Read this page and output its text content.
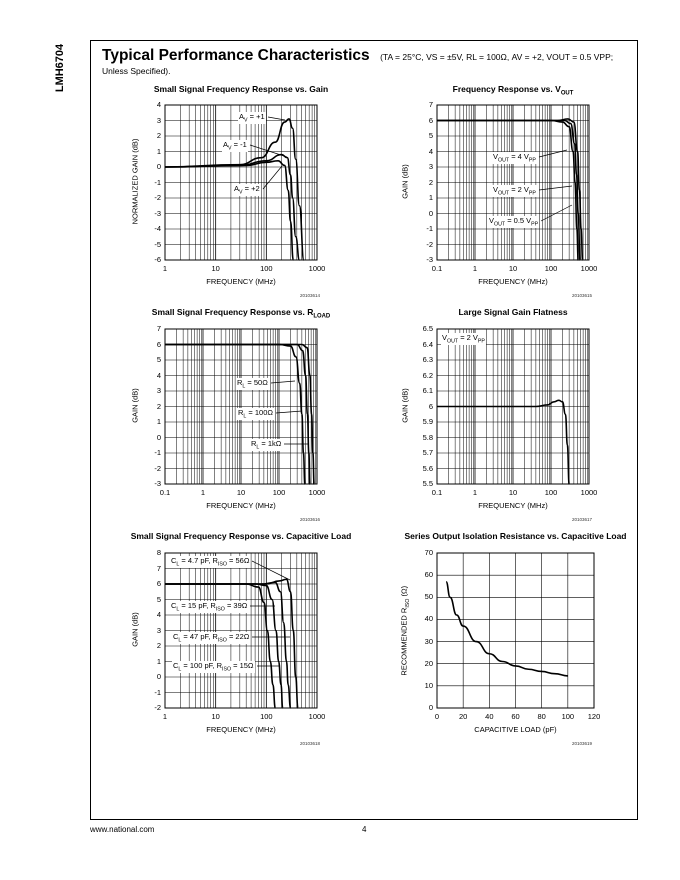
LMH6704 Typical Performance Characteristics (TA = 25°C, VS = ±5V, RL = 100Ω, AV = +2, VOUT = 0.5 VPP;
Unless Specified).
1	10	100	1000
4
3
2
1
0
-1
-2
-3
-4
-5
-6
Small Signal Frequency Response vs. Gain
FREQUENCY (MHz)
NORMALIZED GAIN (dB)
20103614
$A_V = +1$
$A_V = -1$
$A_V = +2$
0.1	1	10	100	1000
7
6
5
4
3
2
1
0
-1
-2
-3
Frequency Response vs. $V_{OUT}$
FREQUENCY (MHz)
GAIN (dB)
20103615
$V_{OUT} = 4$ $V_{PP}$
$V_{OUT} = 2$ $V_{PP}$
$V_{OUT} = 0.5$ $V_{PP}$
0.1	1	10	100	1000
7
6
5
4
3
2
1
0
-1
-2
-3
Small Signal Frequency Response vs. $R_{LOAD}$
FREQUENCY (MHz)
GAIN (dB)
20103616
$R_L = 50\Omega$
$R_L = 100\Omega$
$R_L = 1k\Omega$
0.1	1	10	100	1000
6.5
6.4
6.3
6.2
6.1
6
5.9
5.8
5.7
5.6
5.5
Large Signal Gain Flatness
FREQUENCY (MHz)
GAIN (dB)
20103617
$V_{OUT} = 2$ $V_{PP}$
1	10	100	1000
8
7
6
5
4
3
2
1
0
-1
-2
Small Signal Frequency Response vs. Capacitive Load
FREQUENCY (MHz)
GAIN (dB)
20103618
$C_L = 4.7$ pF, $R_{ISO} = 56\Omega$
$C_L = 15$ pF, $R_{ISO} = 39\Omega$
$C_L = 47$ pF, $R_{ISO} = 22\Omega$
$C_L = 100$ pF, $R_{ISO} = 15\Omega$
0	20	40	60	80	100	120
70
60
50
40
30
20
10
0
Series Output Isolation Resistance vs. Capacitive Load
CAPACITIVE LOAD (pF)
RECOMMENDED $R_{ISO}$ (Ω)
20103619
www.national.com	4
